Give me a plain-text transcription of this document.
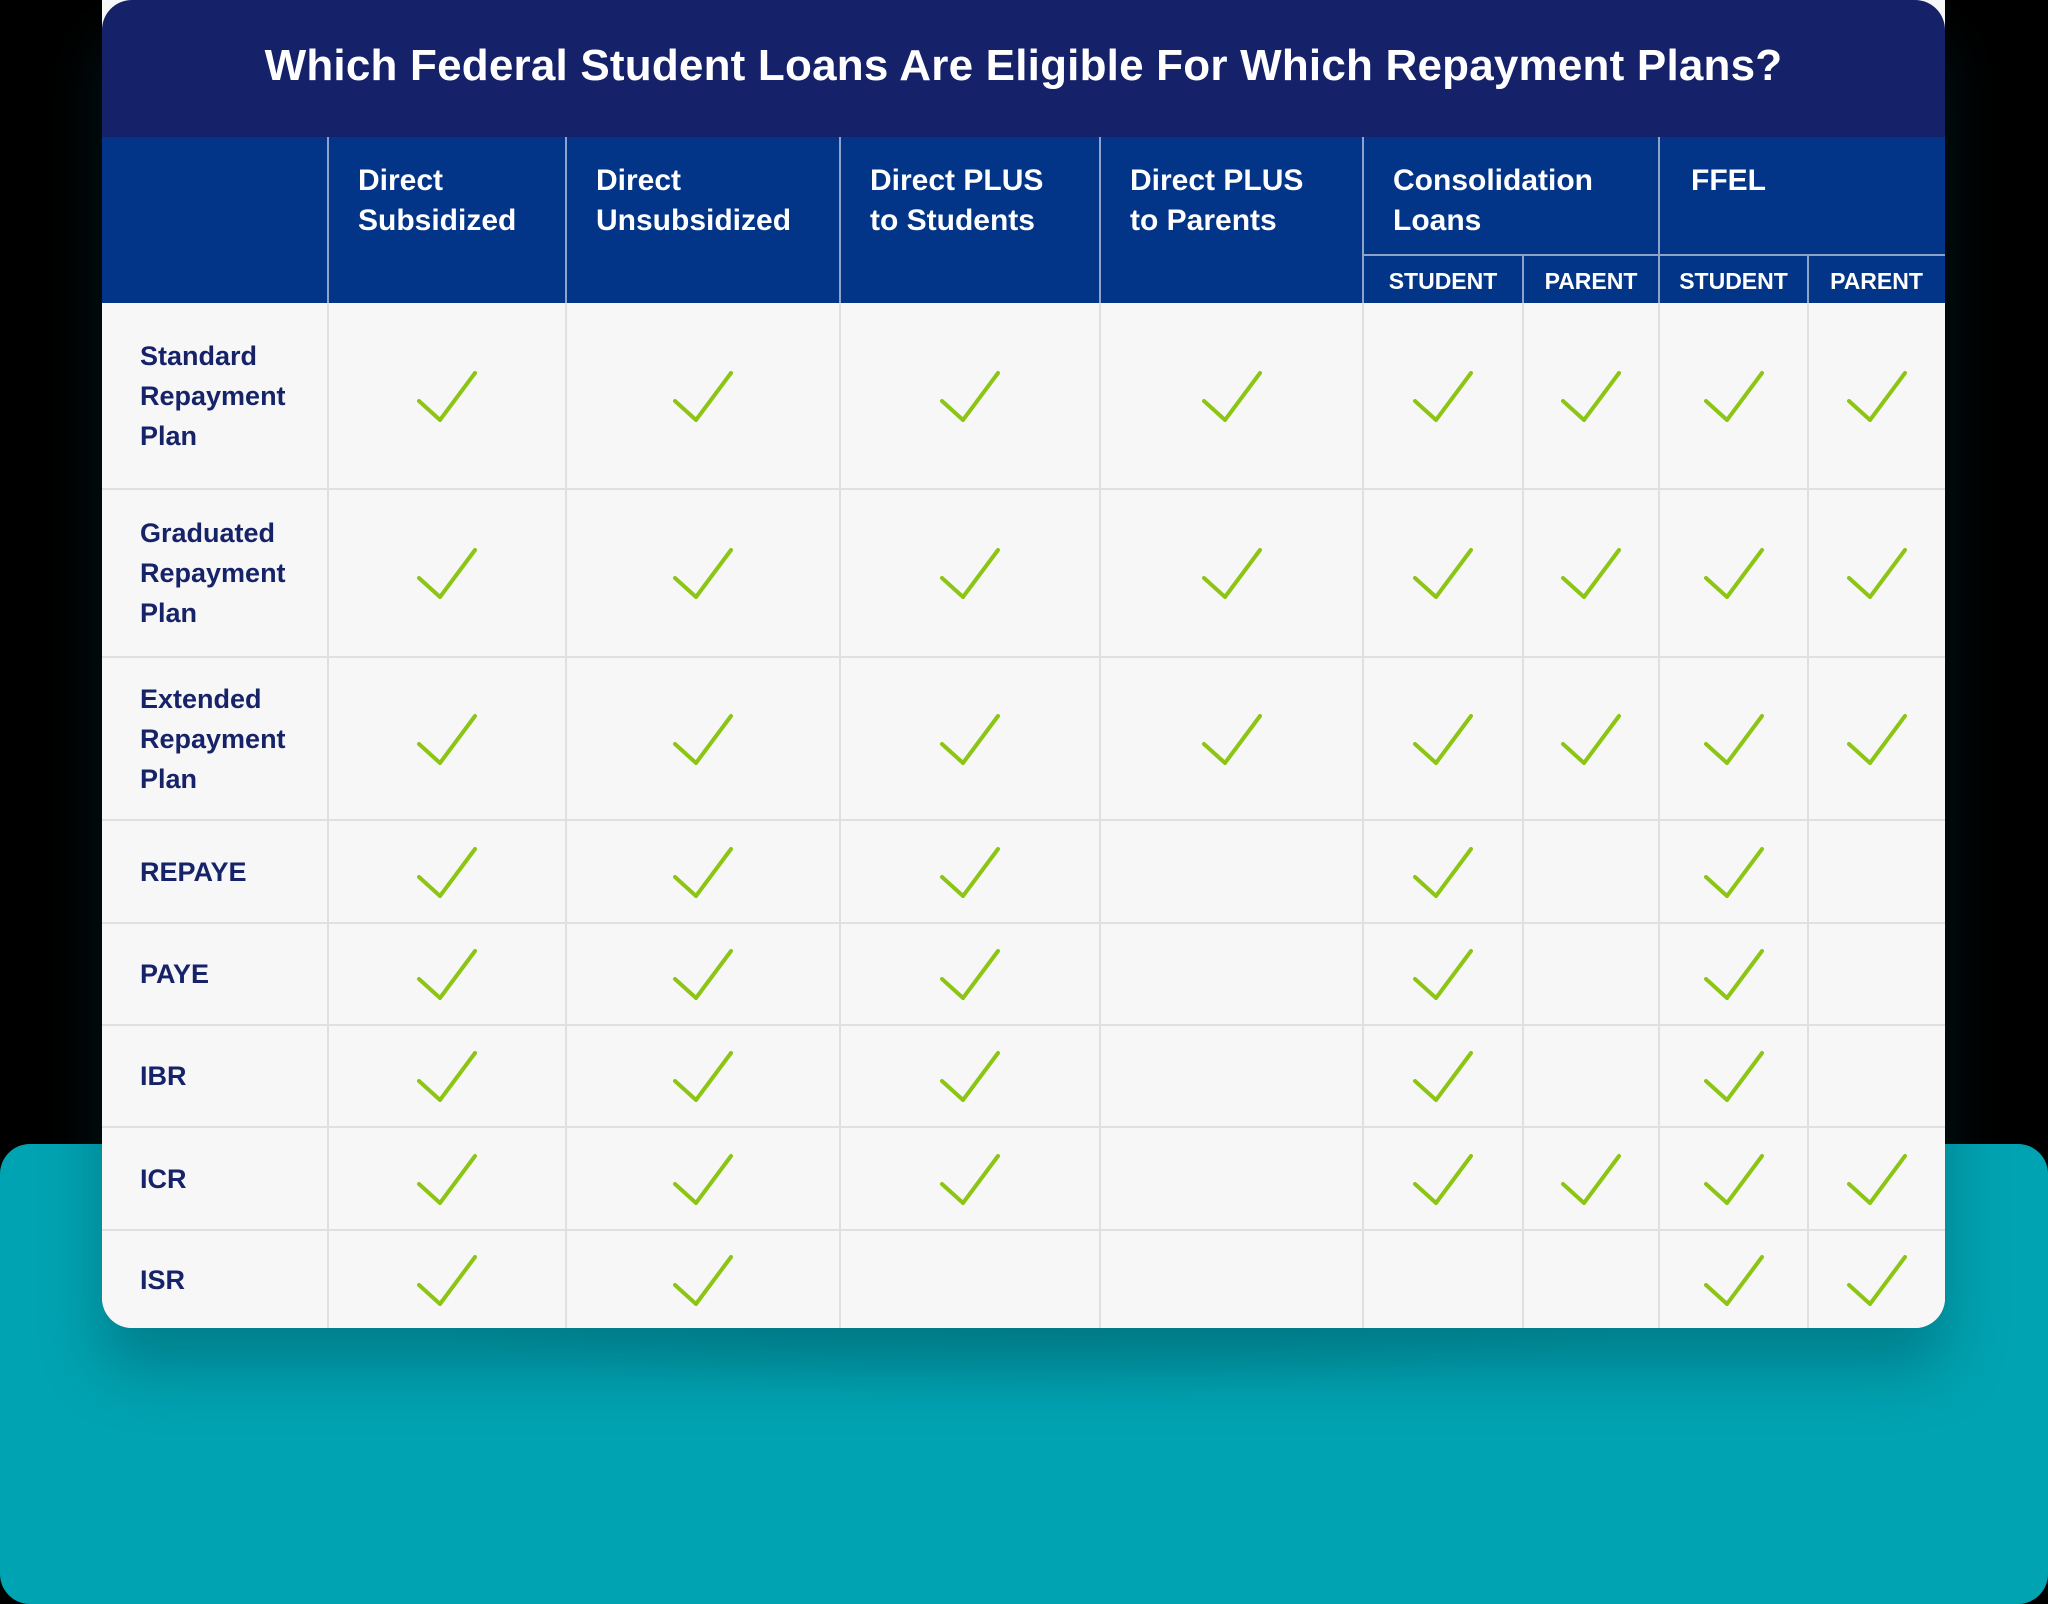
Which Federal Student Loans Are Eligible For Which Repayment Plans?
Direct
Subsidized
Direct
Unsubsidized
Direct PLUS
to Students
Direct PLUS
to Parents
Consolidation
Loans
STUDENT	PARENT
FFEL
STUDENT	PARENT
Standard
Repayment
Plan
Graduated
Repayment
Plan
Extended
Repayment
Plan
REPAYE
PAYE
IBR
ICR
ISR
